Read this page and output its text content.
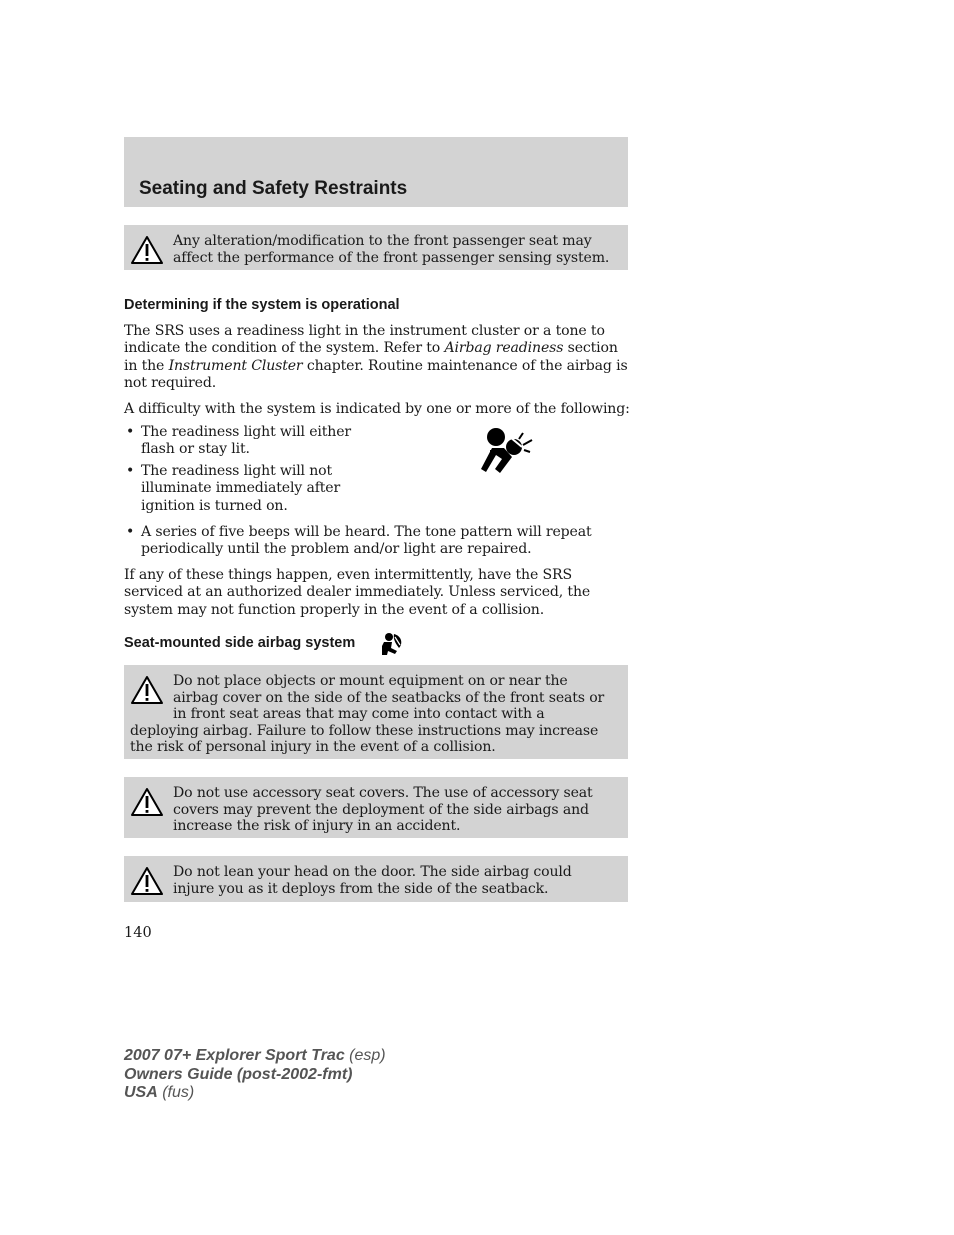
Seating and Safety Restraints
Any alteration/modification to the front passenger seat may affect the performance of the front passenger sensing system.
Determining if the system is operational

The SRS uses a readiness light in the instrument cluster or a tone to indicate the condition of the system. Refer to Airbag readiness section in the Instrument Cluster chapter. Routine maintenance of the airbag is not required.

A difficulty with the system is indicated by one or more of the following:

• The readiness light will either flash or stay lit.

• The readiness light will not illuminate immediately after ignition is turned on.

• A series of five beeps will be heard. The tone pattern will repeat periodically until the problem and/or light are repaired.

If any of these things happen, even intermittently, have the SRS serviced at an authorized dealer immediately. Unless serviced, the system may not function properly in the event of a collision.

Seat-mounted side airbag system
Do not place objects or mount equipment on or near the airbag cover on the side of the seatbacks of the front seats or in front seat areas that may come into contact with a deploying airbag. Failure to follow these instructions may increase the risk of personal injury in the event of a collision.
Do not use accessory seat covers. The use of accessory seat covers may prevent the deployment of the side airbags and increase the risk of injury in an accident.
Do not lean your head on the door. The side airbag could injure you as it deploys from the side of the seatback.

140

2007 07+ Explorer Sport Trac (esp)
Owners Guide (post-2002-fmt)
USA (fus)
